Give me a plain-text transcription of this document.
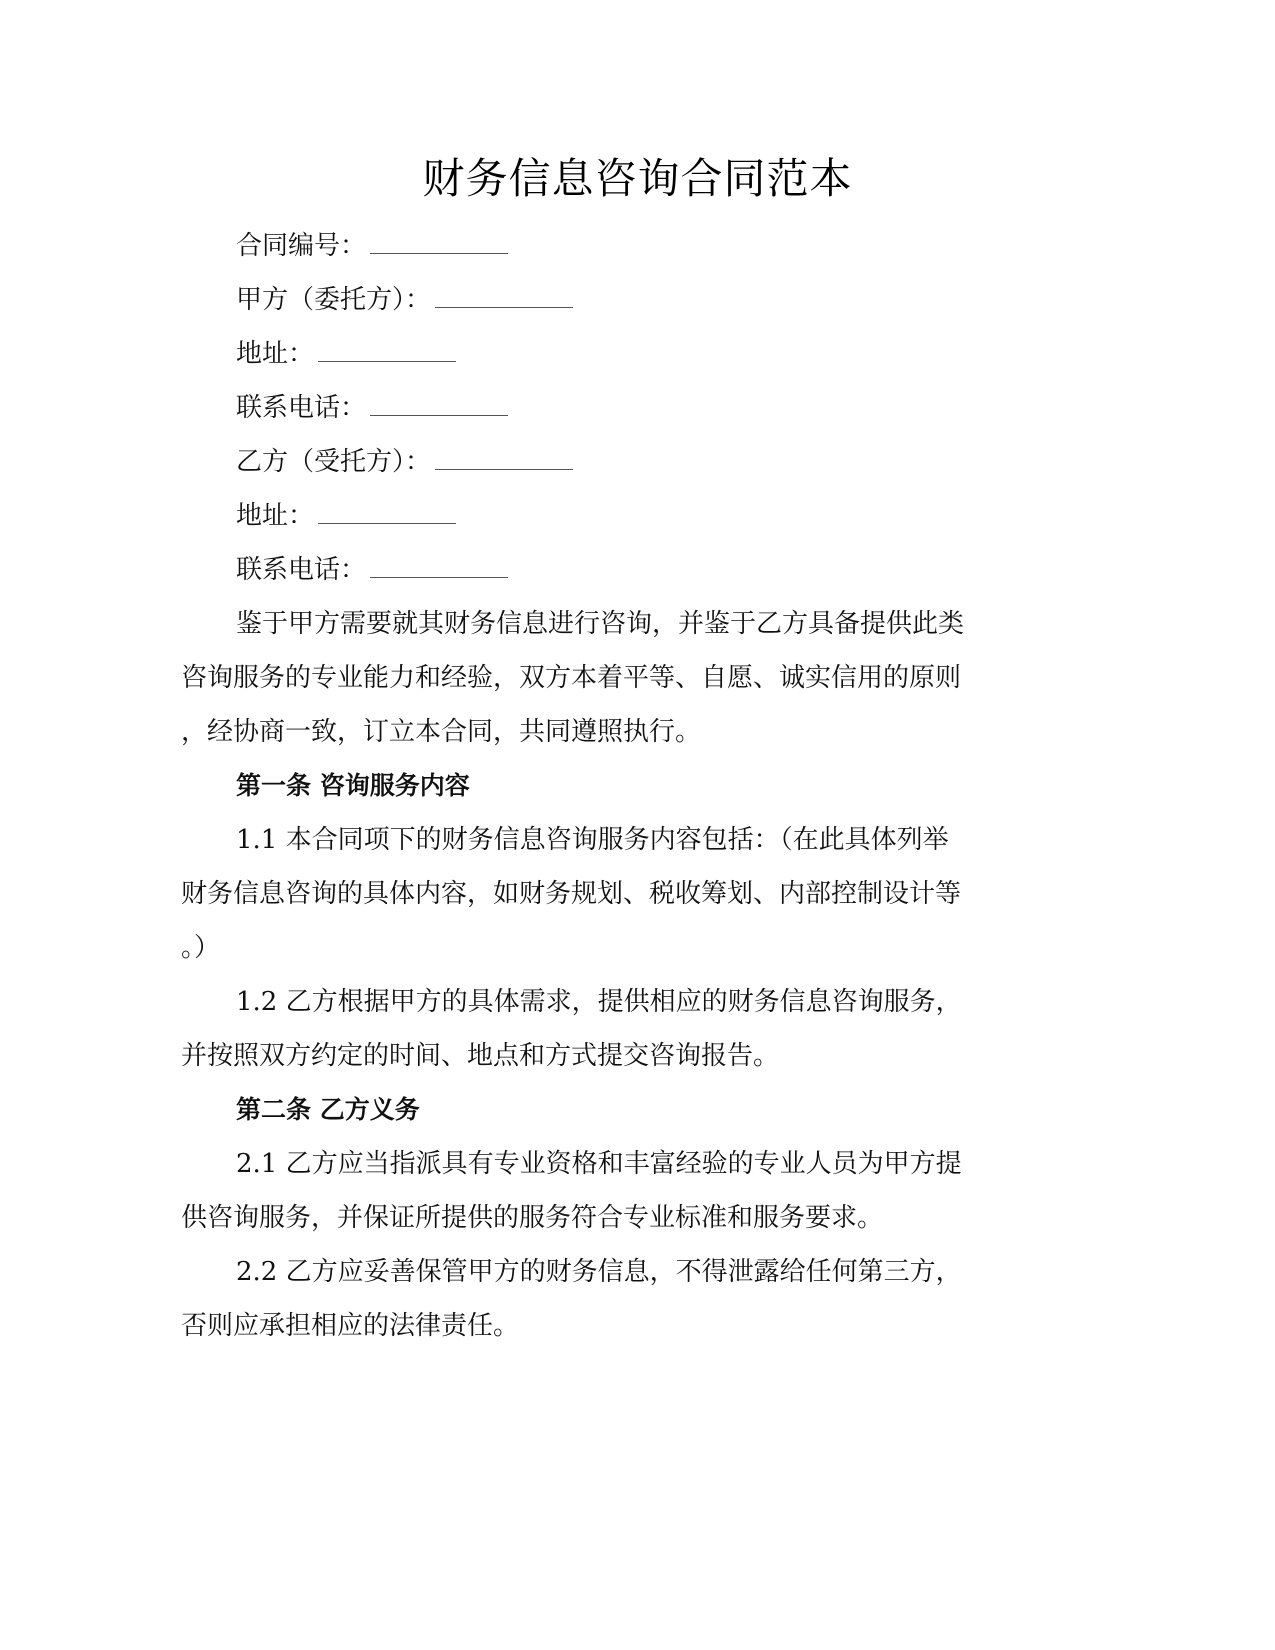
财务信息咨询合同范本
合同编号：
甲方（委托方）：
地址：
联系电话：
乙方（受托方）：
地址：
联系电话：
鉴于甲方需要就其财务信息进行咨询，并鉴于乙方具备提供此类
咨询服务的专业能力和经验，双方本着平等、自愿、诚实信用的原则
，经协商一致，订立本合同，共同遵照执行。
第一条 咨询服务内容
1.1 本合同项下的财务信息咨询服务内容包括：（在此具体列举
财务信息咨询的具体内容，如财务规划、税收筹划、内部控制设计等
。）
1.2 乙方根据甲方的具体需求，提供相应的财务信息咨询服务，
并按照双方约定的时间、地点和方式提交咨询报告。
第二条 乙方义务
2.1 乙方应当指派具有专业资格和丰富经验的专业人员为甲方提
供咨询服务，并保证所提供的服务符合专业标准和服务要求。
2.2 乙方应妥善保管甲方的财务信息，不得泄露给任何第三方，
否则应承担相应的法律责任。
